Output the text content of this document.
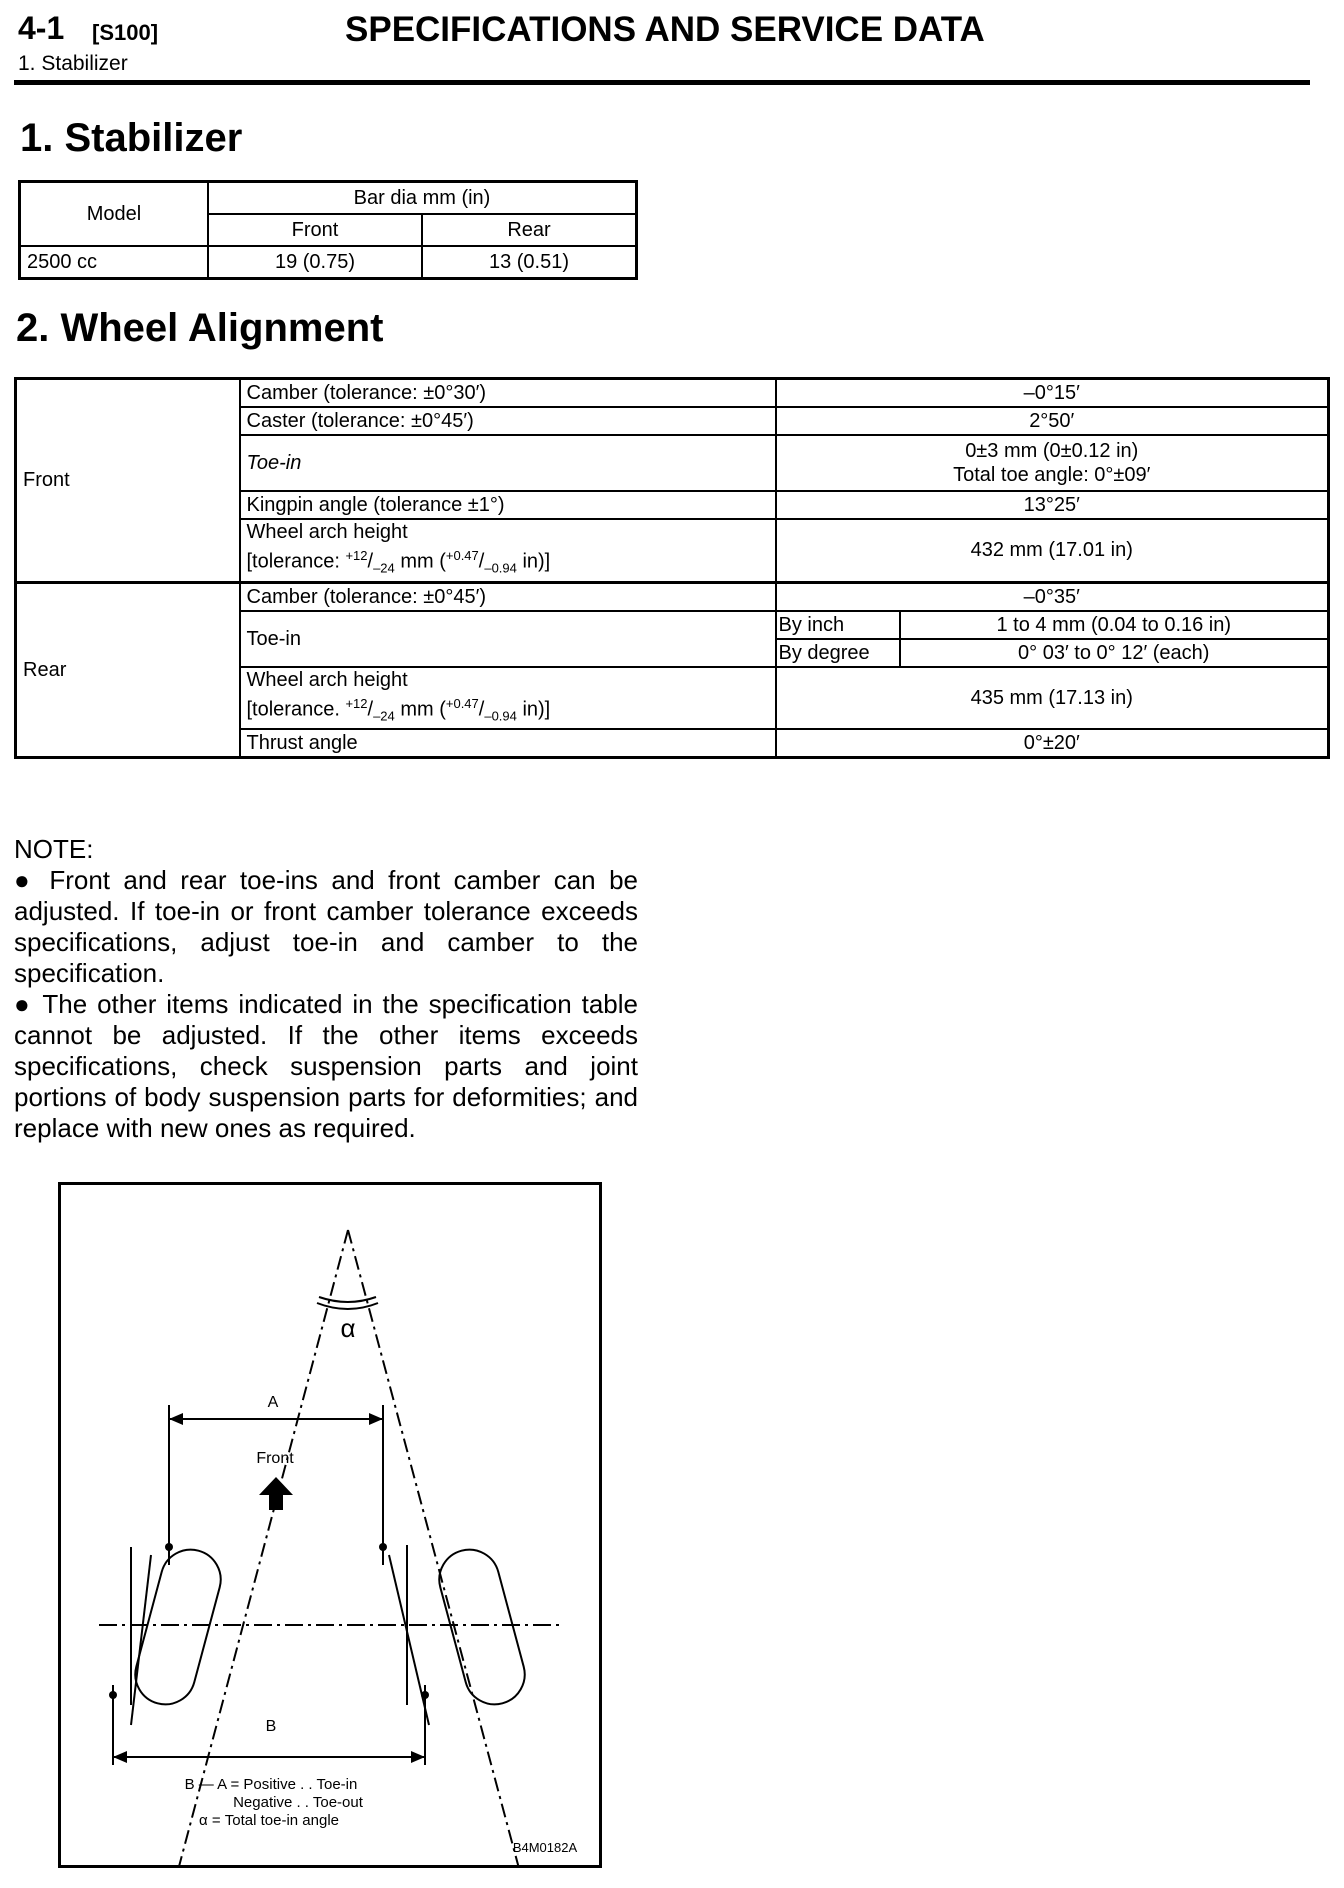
4-1 [S100]
1. Stabilizer
SPECIFICATIONS AND SERVICE DATA
1. Stabilizer
Model	Bar dia mm (in)	
	Front	Rear
2500 cc	19 (0.75)	13 (0.51)
2. Wheel Alignment
Front	Camber (tolerance: ±0°30′)	–0°15′	
	Caster (tolerance: ±0°45′)	2°50′	
	Toe-in	0±3 mm (0±0.12 in)
Total toe angle: 0°±09′	

	Kingpin angle (tolerance ±1°)	13°25′	

	Wheel arch height
[tolerance: $^{+12}/_{-24}$ mm ($^{+0.47}/_{-0.94}$ in)]	432 mm (17.01 in)	

Rear	Camber (tolerance: ±0°45′)	–0°35′	
	Toe-in	By inch	1 to 4 mm (0.04 to 0.16 in)
		By degree	0° 03′ to 0° 12′ (each)

	Wheel arch height
[tolerance. $^{+12}/_{-24}$ mm ($^{+0.47}/_{-0.94}$ in)]	435 mm (17.13 in)	

	Thrust angle	0°±20′	

NOTE:

● Front and rear toe-ins and front camber can be adjusted. If toe-in or front camber tolerance exceeds specifications, adjust toe-in and camber to the specification.

● The other items indicated in the specification table cannot be adjusted. If the other items exceeds specifications, check suspension parts and joint portions of body suspension parts for deformities; and replace with new ones as required.

α
A
Front
B
B — A = Positive . . Toe-in
Negative . . Toe-out
α = Total toe-in angle
B4M0182A
